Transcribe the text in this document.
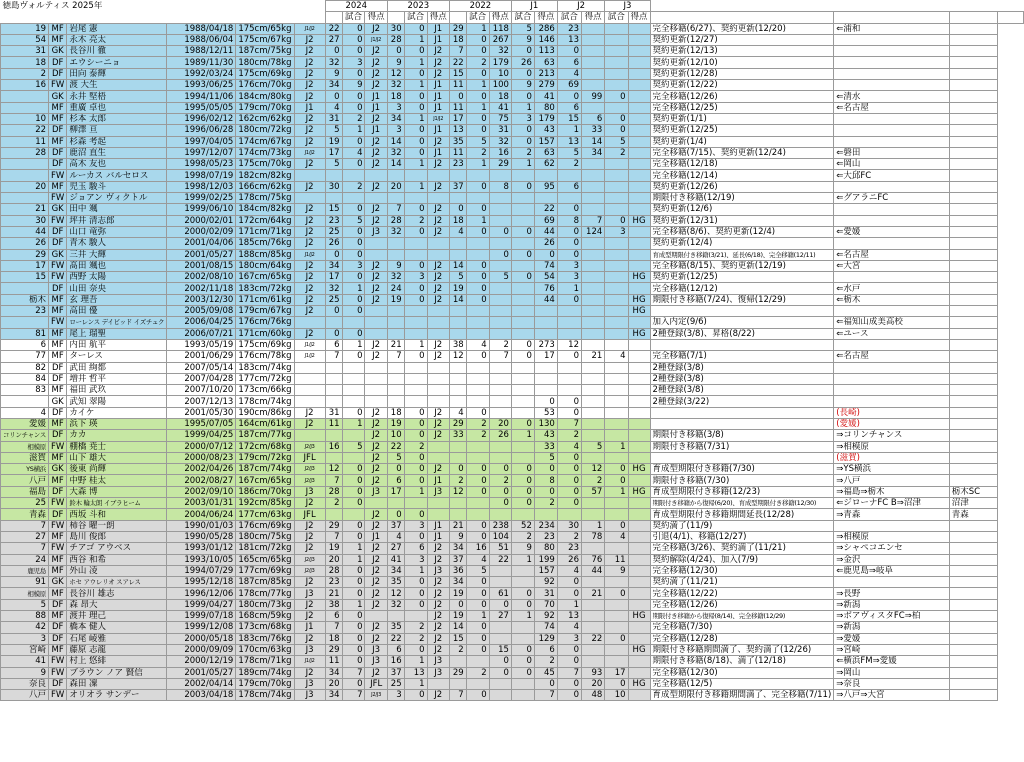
徳島ヴォルティス 2025年						2024			2023			2022			J1		J2		J3					
							試合	得点		試合	得点		試合	得点	試合	得点	試合	得点	試合	得点				
19	MF	岩尾 憲	1988/04/18	175cm/65kg	J1/J2	22	0	J2	30	0	J1	29	1	118	5	286	23				完全移籍(6/27)、契約更新(12/20)	⇐浦和		
54	MF	永木 亮太	1988/06/04	175cm/67kg	J2	27	0	J1/J2	28	1	J1	18	0	267	9	146	13				契約更新(12/27)			
31	GK	長谷川 徹	1988/12/11	187cm/75kg	J2	0	0	J2	0	0	J2	7	0	32	0	113	0				契約更新(12/13)			
18	DF	エウシーニョ	1989/11/30	180cm/78kg	J2	32	3	J2	9	1	J2	22	2	179	26	63	6				契約更新(12/10)			
2	DF	田向 泰輝	1992/03/24	175cm/69kg	J2	9	0	J2	12	0	J2	15	0	10	0	213	4				契約更新(12/28)			
16	FW	渡 大生	1993/06/25	176cm/70kg	J2	34	9	J2	32	1	J1	11	1	100	9	279	69				契約更新(12/22)			
	GK	永井 堅梧	1994/11/06	184cm/80kg	J2	0	0	J1	18	0	J1	0	0	18	0	41	0	99	0		完全移籍(12/26)	⇐清水		
	MF	重廣 卓也	1995/05/05	179cm/70kg	J1	4	0	J1	3	0	J1	11	1	41	1	80	6				完全移籍(12/25)	⇐名古屋		
10	MF	杉本 太郎	1996/02/12	162cm/62kg	J2	31	2	J2	34	1	J1/J2	17	0	75	3	179	15	6	0		契約更新(1/1)			
22	DF	柳澤 亘	1996/06/28	180cm/72kg	J2	5	1	J1	3	0	J1	13	0	31	0	43	1	33	0		契約更新(12/25)			
11	MF	杉森 考起	1997/04/05	174cm/67kg	J2	19	0	J2	14	0	J2	35	5	32	0	157	13	14	5		契約更新(1/4)			
28	DF	鹿沼 直生	1997/12/07	174cm/73kg	J1/J2	17	4	J2	32	0	J1	11	2	16	2	63	5	34	2		完全移籍(7/15)、契約更新(12/24)	⇐磐田		
	DF	高木 友也	1998/05/23	175cm/70kg	J2	5	0	J2	14	1	J2	23	1	29	1	62	2				完全移籍(12/18)	⇐岡山		
	FW	ルーカス バルセロス	1998/07/19	182cm/82kg																	完全移籍(12/14)	⇐大邱FC		
20	MF	児玉 駿斗	1998/12/03	166cm/62kg	J2	30	2	J2	20	1	J2	37	0	8	0	95	6				契約更新(12/26)			
	FW	ジョアン ヴィクトル	1999/02/25	178cm/75kg																	期限付き移籍(12/19)	⇐グアラニFC		
21	GK	田中 颯	1999/06/10	184cm/82kg	J2	15	0	J2	7	0	J2	0	0			22	0				契約更新(12/6)			
30	FW	坪井 清志郎	2000/02/01	172cm/64kg	J2	23	5	J2	28	2	J2	18	1			69	8	7	0	HG	契約更新(12/31)			
44	DF	山口 竜弥	2000/02/09	171cm/71kg	J2	25	0	J3	32	0	J2	4	0	0	0	44	0	124	3		完全移籍(8/6)、契約更新(12/4)	⇐愛媛		
26	DF	青木 駿人	2001/04/06	185cm/76kg	J2	26	0									26	0				契約更新(12/4)			
29	GK	三井 大輝	2001/05/27	188cm/85kg	J1/J2	0	0							0	0	0	0				育成型期限付き移籍(3/21)、延長(6/18)、完全移籍(12/11)	⇐名古屋		
17	FW	髙田 颯也	2001/08/15	180cm/64kg	J2	34	3	J2	9	0	J2	14	0			74	3				完全移籍(8/15)、契約更新(12/19)	⇐大宮		
15	FW	西野 太陽	2002/08/10	167cm/65kg	J2	17	0	J2	32	3	J2	5	0	5	0	54	3			HG	契約更新(12/25)			
	DF	山田 奈央	2002/11/18	183cm/72kg	J2	32	1	J2	24	0	J2	19	0			76	1				完全移籍(12/12)	⇐水戸		
栃木	MF	玄 理吾	2003/12/30	171cm/61kg	J2	25	0	J2	19	0	J2	14	0			44	0			HG	期限付き移籍(7/24)、復帰(12/29)	⇐栃木		
23	MF	高田 優	2005/09/08	179cm/67kg	J2	0	0													HG				
	FW	ローレンス デイビッド イズチュク	2006/04/25	176cm/76kg																	加入内定(9/6)	⇐福知山成美高校		
81	MF	尾上 瑠聖	2006/07/21	171cm/60kg	J2	0	0													HG	2種登録(3/8)、昇格(8/22)	⇐ユース		
6	MF	内田 航平	1993/05/19	175cm/69kg	J1/J2	6	1	J2	21	1	J2	38	4	2	0	273	12							
77	MF	ターレス	2001/06/29	176cm/78kg	J1/J2	7	0	J2	7	0	J2	12	0	7	0	17	0	21	4		完全移籍(7/1)	⇐名古屋		
82	DF	武田 絢都	2007/05/14	183cm/74kg																	2種登録(3/8)			
84	DF	増井 哲平	2007/04/28	177cm/72kg																	2種登録(3/8)			
83	MF	福田 武玖	2007/10/20	173cm/66kg																	2種登録(3/8)			
	GK	武知 翠陽	2007/12/13	178cm/74kg												0	0				2種登録(3/22)			
4	DF	カイケ	2001/05/30	190cm/86kg	J2	31	0	J2	18	0	J2	4	0			53	0					(長崎)		
愛媛	MF	浜下 瑛	1995/07/05	164cm/61kg	J2	11	1	J2	19	0	J2	29	2	20	0	130	7					(愛媛)		
コリンチャンス	DF	カカ	1999/04/25	187cm/77kg				J2	10	0	J2	33	2	26	1	43	2				期限付き移籍(3/8)	⇒コリンチャンス		
相模原	FW	棚橋 尭士	2000/07/12	172cm/68kg	J2/J3	16	5	J2	22	2						33	4	5	1		期限付き移籍(7/31)	⇒相模原		
滋賀	MF	山下 雄大	2000/08/23	179cm/72kg	JFL			J2	5	0						5	0					(滋賀)		
YS横浜	GK	後東 尚輝	2002/04/26	187cm/74kg	J2/J3	12	0	J2	0	0	J2	0	0	0	0	0	0	12	0	HG	育成型期限付き移籍(7/30)	⇒YS横浜		
八戸	MF	中野 桂太	2002/08/27	167cm/65kg	J2/J3	7	0	J2	6	0	J1	2	0	2	0	8	0	2	0		期限付き移籍(7/30)	⇒八戸		
福島	DF	大森 博	2002/09/10	186cm/70kg	J3	28	0	J3	17	1	J3	12	0	0	0	0	0	57	1	HG	育成型期限付き移籍(12/23)	⇒福島⇒栃木	栃木SC	
25	FW	鈴木 輪太朗 イブラヒーム	2003/01/31	192cm/85kg	J2	2	0							0	0	2	0				期限付き移籍から復帰(6/20)、育成型期限付き移籍(12/30)	⇐ジローナFC B⇒沼津	沼津	
青森	DF	西坂 斗和	2004/06/24	177cm/63kg	JFL			J2	0	0											育成型期限付き移籍期間延長(12/28)	⇒青森	青森	
7	FW	柿谷 曜一朗	1990/01/03	176cm/69kg	J2	29	0	J2	37	3	J1	21	0	238	52	234	30	1	0		契約満了(11/9)			
27	MF	島川 俊郎	1990/05/28	180cm/75kg	J2	7	0	J1	4	0	J1	9	0	104	2	23	2	78	4		引退(4/1)、移籍(12/27)	⇒相模原		
7	FW	チアゴ アウベス	1993/01/12	181cm/72kg	J2	19	1	J2	27	6	J2	34	16	51	9	80	23				完全移籍(3/26)、契約満了(11/21)	⇒シャペコエンセ		
24	MF	西谷 和希	1993/10/05	165cm/65kg	J2/J3	20	1	J2	41	3	J2	37	4	22	1	199	26	76	11		契約解除(4/24)、加入(7/9)	⇒金沢		
鹿児島	MF	外山 凌	1994/07/29	177cm/69kg	J2/J3	28	0	J2	34	1	J3	36	5			157	4	44	9		完全移籍(12/30)	⇐鹿児島⇒岐阜		
91	GK	ホセ アウレリオ スアレス	1995/12/18	187cm/85kg	J2	23	0	J2	35	0	J2	34	0			92	0				契約満了(11/21)			
相模原	MF	長谷川 雄志	1996/12/06	178cm/77kg	J3	21	0	J2	12	0	J2	19	0	61	0	31	0	21	0		完全移籍(12/22)	⇒長野		
5	DF	森 昂大	1999/04/27	180cm/73kg	J2	38	1	J2	32	0	J2	0	0	0	0	70	1				完全移籍(12/26)	⇒新潟		
88	MF	渡井 理己	1999/07/18	168cm/59kg	J2	6	0				J2	19	1	27	1	92	13			HG	期限付き移籍から復帰(8/14)、完全移籍(12/29)	⇒ボアヴィスタFC⇒柏		
42	DF	橋本 健人	1999/12/08	173cm/68kg	J1	7	0	J2	35	2	J2	14	0			74	4				完全移籍(7/30)	⇒新潟		
3	DF	石尾 崚雅	2000/05/18	183cm/76kg	J2	18	0	J2	22	2	J2	15	0			129	3	22	0		完全移籍(12/28)	⇒愛媛		
宮崎	MF	藤原 志龍	2000/09/09	170cm/63kg	J3	29	0	J3	6	0	J2	2	0	15	0	6	0			HG	期限付き移籍期間満了、契約満了(12/26)	⇒宮崎		
41	FW	村上 悠緋	2000/12/19	178cm/71kg	J1/J2	11	0	J3	16	1	J3			0	0	2	0				期限付き移籍(8/18)、満了(12/18)	⇐横浜FM⇒愛媛		
9	FW	ブラウン ノア 賢信	2001/05/27	189cm/74kg	J2	34	7	J2	37	13	J3	29	2	0	0	45	7	93	17		完全移籍(12/30)	⇒岡山		
奈良	DF	森田 凜	2002/04/14	179cm/70kg	J3	20	0	JFL	25	1						0	0	20	0	HG	完全移籍(12/5)	⇒奈良		
八戸	FW	オリオラ サンデー	2003/04/18	178cm/74kg	J3	34	7	J2/J3	3	0	J2	7	0			7	0	48	10		育成型期限付き移籍期間満了、完全移籍(7/11)	⇒八戸⇒大宮		
